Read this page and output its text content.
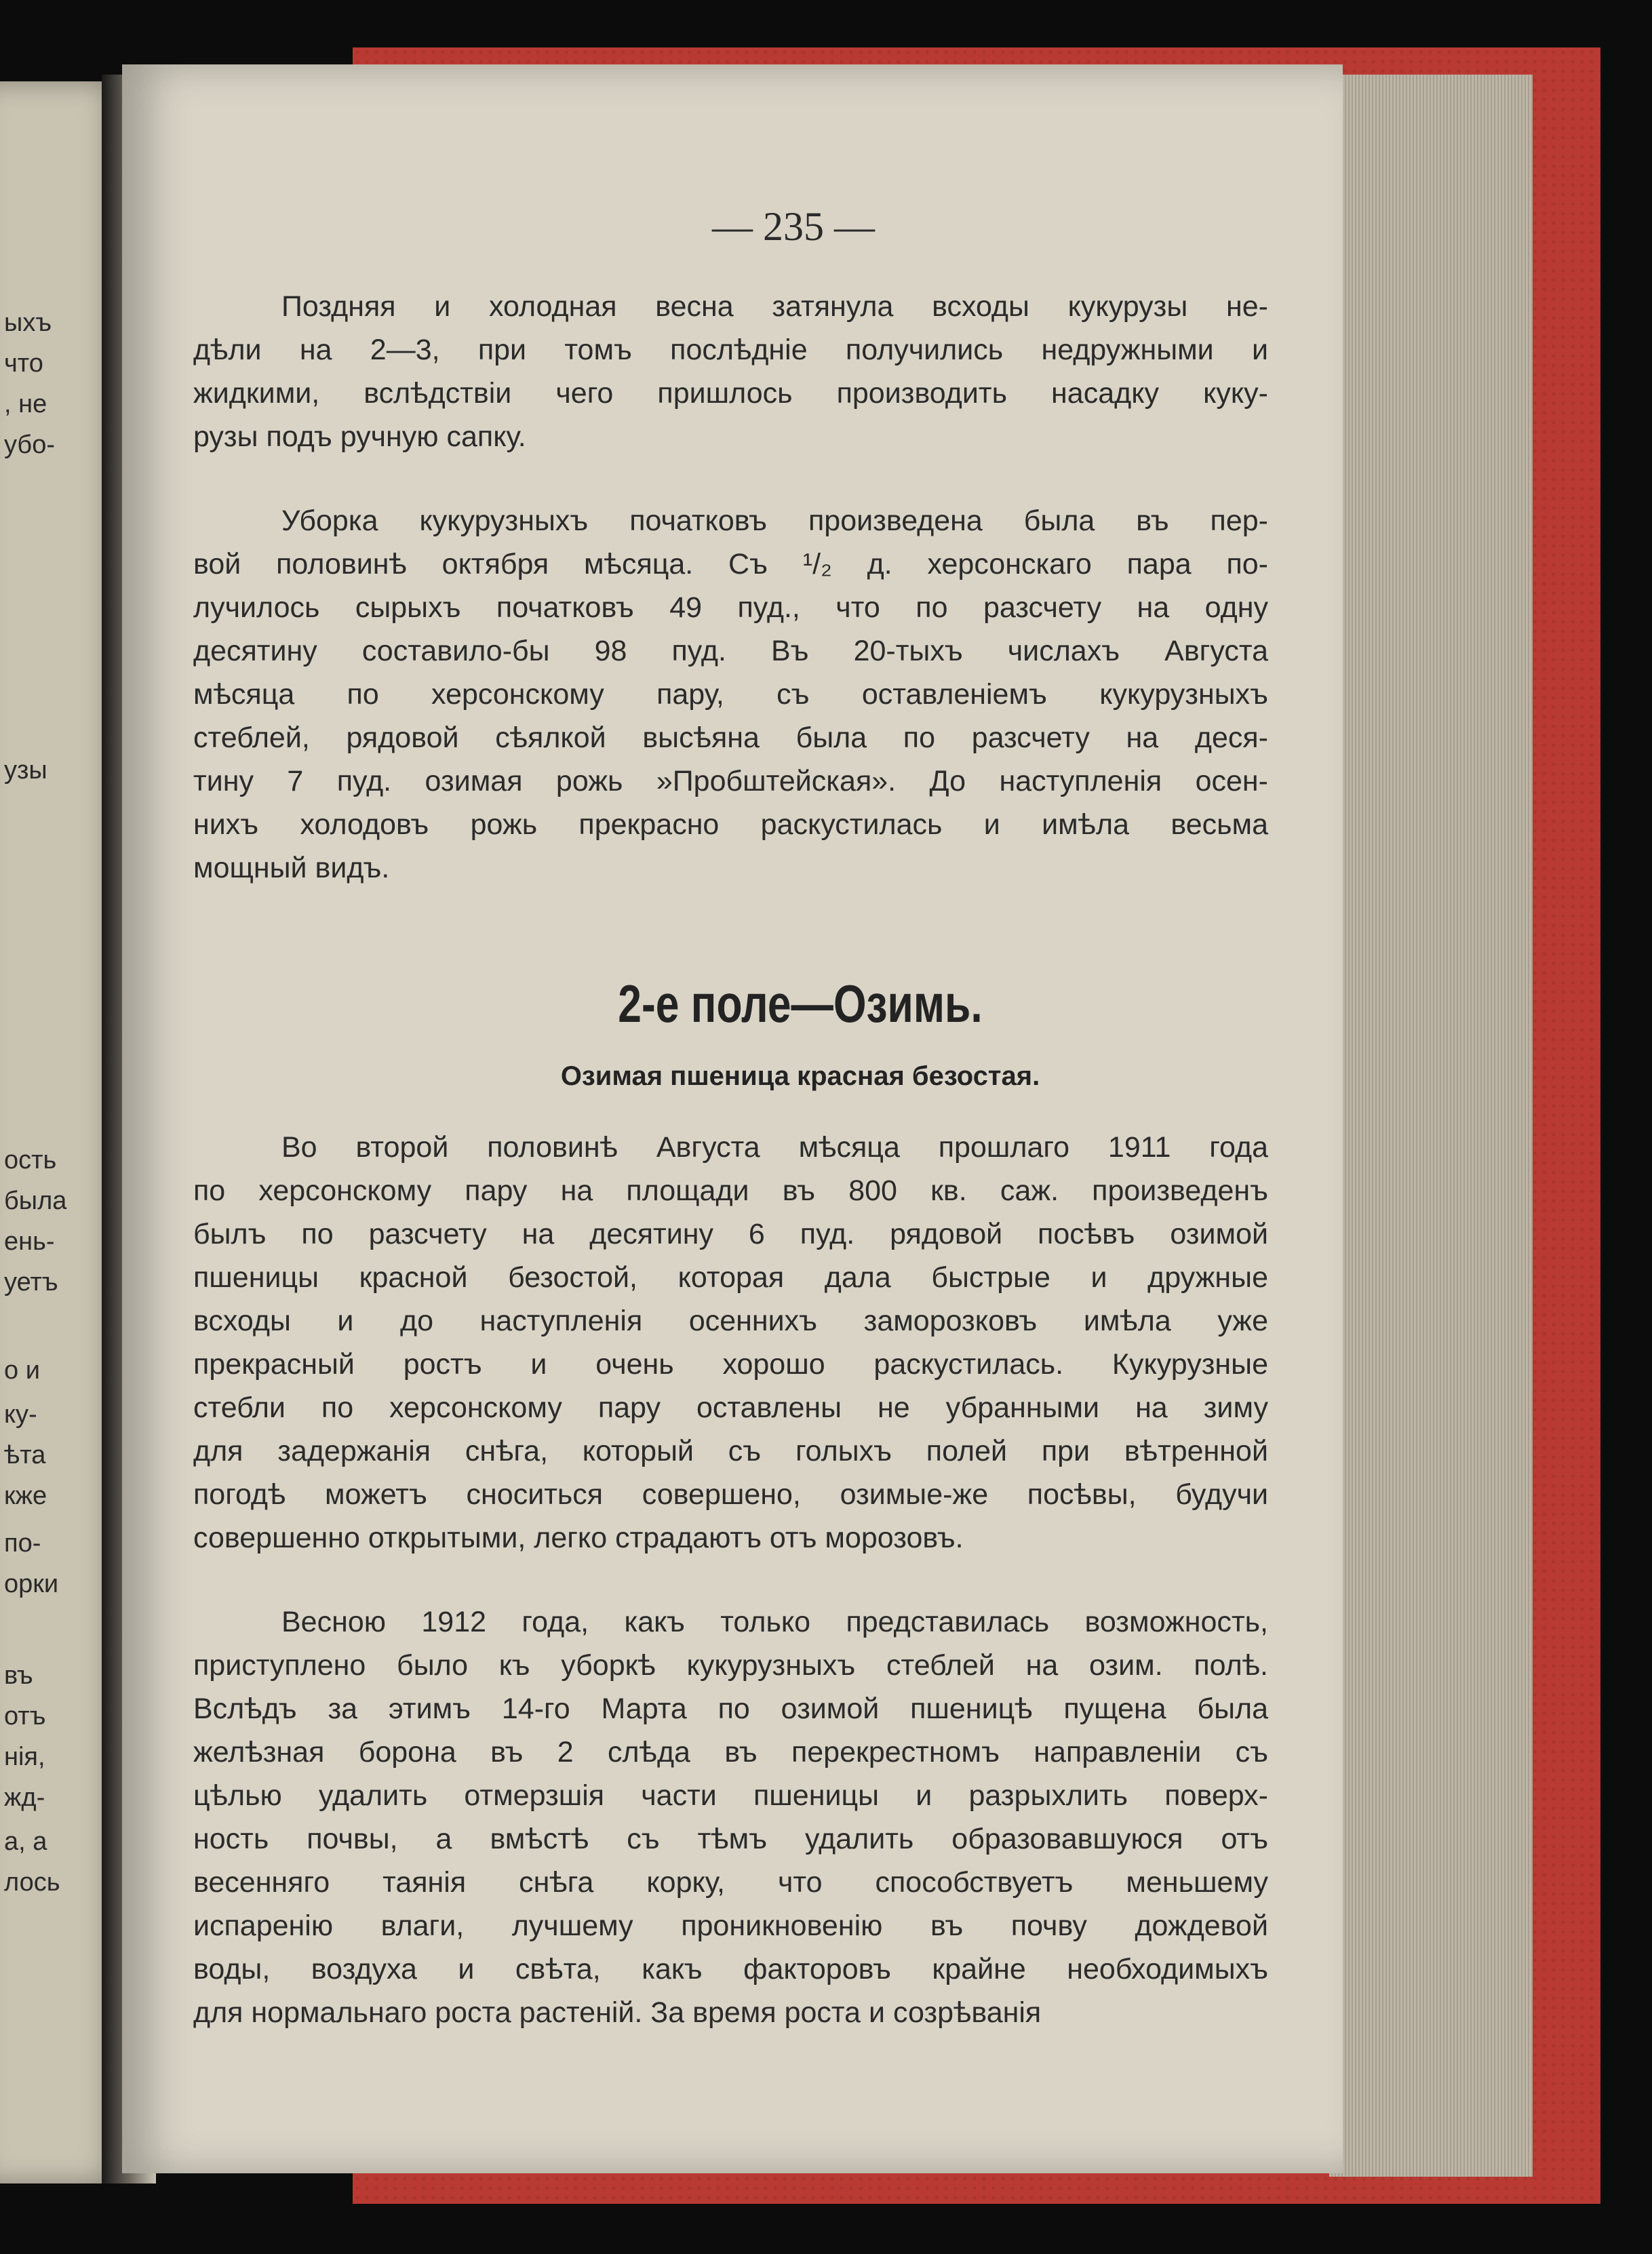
ыхъ
что
, не
убо-
узы
ость
была
ень-
уетъ
о и
ку-
ѣта
кже
по-
орки
въ
отъ
нія,
жд-
а, а
лось
— 235 —
Поздняя и холодная весна затянула всходы кукурузы не-
дѣли на 2—3, при томъ послѣдніе получились недружными и
жидкими, вслѣдствіи чего пришлось производить насадку куку-
рузы подъ ручную сапку.
Уборка кукурузныхъ початковъ произведена была въ пер-
вой половинѣ октября мѣсяца. Съ ¹/₂ д. херсонскаго пара по-
лучилось сырыхъ початковъ 49 пуд., что по разсчету на одну
десятину составило-бы 98 пуд. Въ 20-тыхъ числахъ Августа
мѣсяца по херсонскому пару, съ оставленіемъ кукурузныхъ
стеблей, рядовой сѣялкой высѣяна была по разсчету на деся-
тину 7 пуд. озимая рожь »Пробштейская». До наступленія осен-
нихъ холодовъ рожь прекрасно раскустилась и имѣла весьма
мощный видъ.
2-е поле—Озимь.
Озимая пшеница красная безостая.
Во второй половинѣ Августа мѣсяца прошлаго 1911 года
по херсонскому пару на площади въ 800 кв. саж. произведенъ
былъ по разсчету на десятину 6 пуд. рядовой посѣвъ озимой
пшеницы красной безостой, которая дала быстрые и дружные
всходы и до наступленія осеннихъ заморозковъ имѣла уже
прекрасный ростъ и очень хорошо раскустилась. Кукурузные
стебли по херсонскому пару оставлены не убранными на зиму
для задержанія снѣга, который съ голыхъ полей при вѣтренной
погодѣ можетъ сноситься совершено, озимые-же посѣвы, будучи
совершенно открытыми, легко страдаютъ отъ морозовъ.
Весною 1912 года, какъ только представилась возможность,
приступлено было къ уборкѣ кукурузныхъ стеблей на озим. полѣ.
Вслѣдъ за этимъ 14-го Марта по озимой пшеницѣ пущена была
желѣзная борона въ 2 слѣда въ перекрестномъ направленіи съ
цѣлью удалить отмерзшія части пшеницы и разрыхлить поверх-
ность почвы, а вмѣстѣ съ тѣмъ удалить образовавшуюся отъ
весенняго таянія снѣга корку, что способствуетъ меньшему
испаренію влаги, лучшему проникновенію въ почву дождевой
воды, воздуха и свѣта, какъ факторовъ крайне необходимыхъ
для нормальнаго роста растеній. За время роста и созрѣванія
